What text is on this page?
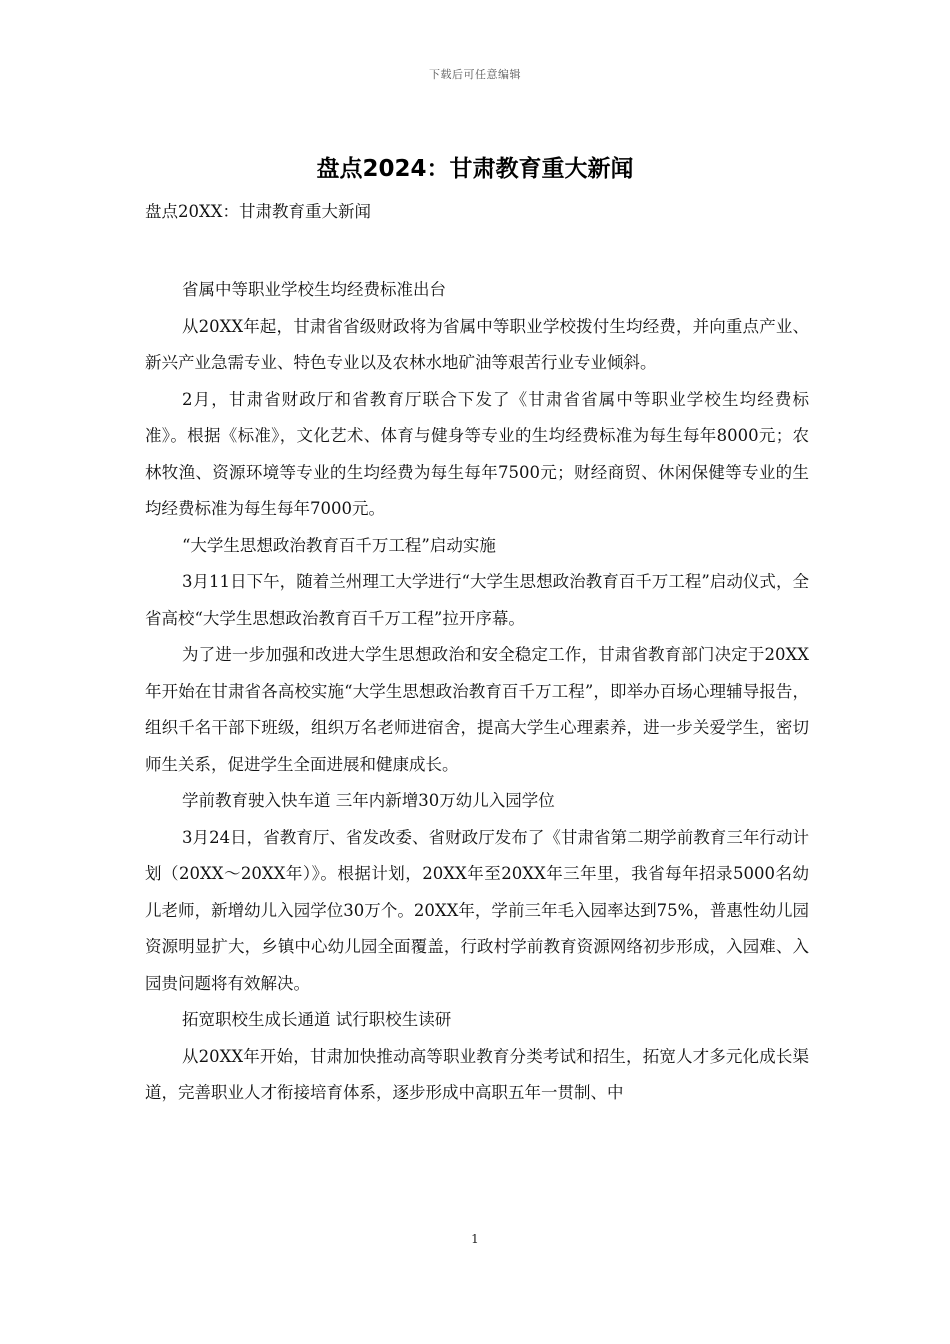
下载后可任意编辑
盘点2024：甘肃教育重大新闻
盘点20XX：甘肃教育重大新闻

省属中等职业学校生均经费标准出台

从20XX年起，甘肃省省级财政将为省属中等职业学校拨付生均经费，并向重点产业、新兴产业急需专业、特色专业以及农林水地矿油等艰苦行业专业倾斜。

2月，甘肃省财政厅和省教育厅联合下发了《甘肃省省属中等职业学校生均经费标准》。根据《标准》，文化艺术、体育与健身等专业的生均经费标准为每生每年8000元；农林牧渔、资源环境等专业的生均经费为每生每年7500元；财经商贸、休闲保健等专业的生均经费标准为每生每年7000元。

“大学生思想政治教育百千万工程”启动实施

3月11日下午，随着兰州理工大学进行“大学生思想政治教育百千万工程”启动仪式，全省高校“大学生思想政治教育百千万工程”拉开序幕。

为了进一步加强和改进大学生思想政治和安全稳定工作，甘肃省教育部门决定于20XX年开始在甘肃省各高校实施“大学生思想政治教育百千万工程”，即举办百场心理辅导报告，组织千名干部下班级，组织万名老师进宿舍，提高大学生心理素养，进一步关爱学生，密切师生关系，促进学生全面进展和健康成长。

学前教育驶入快车道 三年内新增30万幼儿入园学位

3月24日，省教育厅、省发改委、省财政厅发布了《甘肃省第二期学前教育三年行动计划（20XX～20XX年）》。根据计划，20XX年至20XX年三年里，我省每年招录5000名幼儿老师，新增幼儿入园学位30万个。20XX年，学前三年毛入园率达到75%，普惠性幼儿园资源明显扩大，乡镇中心幼儿园全面覆盖，行政村学前教育资源网络初步形成，入园难、入园贵问题将有效解决。

拓宽职校生成长通道 试行职校生读研

从20XX年开始，甘肃加快推动高等职业教育分类考试和招生，拓宽人才多元化成长渠道，完善职业人才衔接培育体系，逐步形成中高职五年一贯制、中

1
